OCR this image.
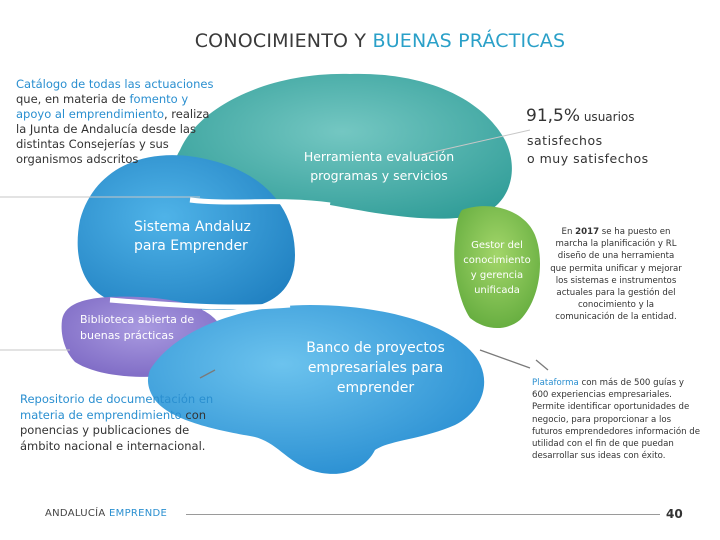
CONOCIMIENTO Y BUENAS PRÁCTICAS
Catálogo de todas las actuaciones que, en materia de fomento y apoyo al emprendimiento, realiza la Junta de Andalucía desde las distintas Consejerías y sus organismos adscritos
91,5% usuarios
satisfechos
o muy satisfechos
Herramienta evaluación programas y servicios
Sistema Andaluz para Emprender	Gestor del conocimiento y gerencia unificada
Biblioteca abierta de buenas prácticas
Banco de proyectos empresariales para emprender
En 2017 se ha puesto en marcha la planificación y RL diseño de una herramienta que permita unificar y mejorar los sistemas e instrumentos actuales para la gestión del conocimiento y la comunicación de la entidad.
Repositorio de documentación en materia de emprendimiento con ponencias y publicaciones de ámbito nacional e internacional.
Plataforma con más de 500 guías y 600 experiencias empresariales. Permite identificar oportunidades de negocio, para proporcionar a los futuros emprendedores información de utilidad con el fin de que puedan desarrollar sus ideas con éxito.
ANDALUCÍA EMPRENDE	40
